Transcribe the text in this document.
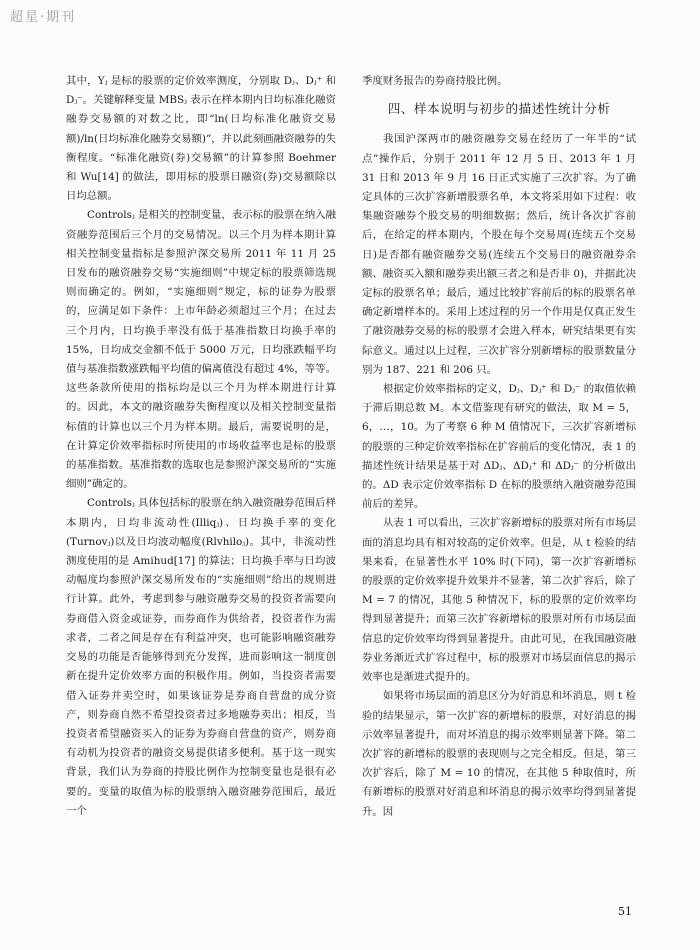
超星·期刊

其中，Yⱼ 是标的股票的定价效率测度，分别取 Dⱼ、Dⱼ⁺ 和 Dⱼ⁻。关键解释变量 MBSⱼ 表示在样本期内日均标准化融资融券交易额的对数之比，即“ln(日均标准化融资交易额)/ln(日均标准化融券交易额)”，并以此刻画融资融券的失衡程度。“标准化融资(券)交易额”的计算参照 Boehmer 和 Wu[14] 的做法，即用标的股票日融资(券)交易额除以日均总额。

Controlsⱼ 是相关的控制变量，表示标的股票在纳入融资融券范围后三个月的交易情况。以三个月为样本期计算相关控制变量指标是参照沪深交易所 2011 年 11 月 25 日发布的融资融券交易“实施细则”中规定标的股票筛选规则而确定的。例如，“实施细则”规定，标的证券为股票的，应满足如下条件：上市年龄必须超过三个月；在过去三个月内，日均换手率没有低于基准指数日均换手率的 15%，日均成交金额不低于 5000 万元，日均涨跌幅平均值与基准指数涨跌幅平均值的偏离值没有超过 4%，等等。这些条款所使用的指标均是以三个月为样本期进行计算的。因此，本文的融资融券失衡程度以及相关控制变量指标值的计算也以三个月为样本期。最后，需要说明的是，在计算定价效率指标时所使用的市场收益率也是标的股票的基准指数。基准指数的选取也是参照沪深交易所的“实施细则”确定的。

Controlsⱼ 具体包括标的股票在纳入融资融券范围后样本期内，日均非流动性(Illiqⱼ)、日均换手率的变化(Turnovⱼ)以及日均波动幅度(Rlvhiloⱼ)。其中，非流动性测度使用的是 Amihud[17] 的算法；日均换手率与日均波动幅度均参照沪深交易所发布的“实施细则”给出的规则进行计算。此外，考虑到参与融资融券交易的投资者需要向券商借入资金或证券，而券商作为供给者，投资者作为需求者，二者之间是存在有利益冲突，也可能影响融资融券交易的功能是否能够得到充分发挥，进而影响这一制度创新在提升定价效率方面的积极作用。例如，当投资者需要借入证券并卖空时，如果该证券是券商自营盘的成分资产，则券商自然不希望投资者过多地融券卖出；相反，当投资者希望融资买入的证券为券商自营盘的资产，则券商有动机为投资者的融资交易提供诸多便利。基于这一现实背景，我们认为券商的持股比例作为控制变量也是很有必要的。变量的取值为标的股票纳入融资融券范围后，最近一个

季度财务报告的券商持股比例。

四、样本说明与初步的描述性统计分析

我国沪深两市的融资融券交易在经历了一年半的“试点”操作后，分别于 2011 年 12 月 5 日、2013 年 1 月 31 日和 2013 年 9 月 16 日正式实施了三次扩容。为了确定具体的三次扩容新增股票名单，本文将采用如下过程：收集融资融券个股交易的明细数据；然后，统计各次扩容前后，在给定的样本期内，个股在每个交易周(连续五个交易日)是否都有融资融券交易(连续五个交易日的融资融券余额、融资买入额和融券卖出额三者之和是否非 0)，并据此决定标的股票名单；最后，通过比较扩容前后的标的股票名单确定新增样本的。采用上述过程的另一个作用是仅真正发生了融资融券交易的标的股票才会进入样本，研究结果更有实际意义。通过以上过程，三次扩容分别新增标的股票数量分别为 187、221 和 206 只。

根据定价效率指标的定义，Dⱼ、Dⱼ⁺ 和 Dⱼ⁻ 的取值依赖于滞后期总数 M。本文借鉴现有研究的做法，取 M = 5，6，…，10。为了考察 6 种 M 值情况下，三次扩容新增标的股票的三种定价效率指标在扩容前后的变化情况，表 1 的描述性统计结果是基于对 ΔDⱼ、ΔDⱼ⁺ 和 ΔDⱼ⁻ 的分析做出的。ΔD 表示定价效率指标 D 在标的股票纳入融资融券范围前后的差异。

从表 1 可以看出，三次扩容新增标的股票对所有市场层面的消息均具有相对较高的定价效率。但是，从 t 检验的结果来看，在显著性水平 10% 时(下同)，第一次扩容新增标的股票的定价效率提升效果并不显著，第二次扩容后，除了 M = 7 的情况，其他 5 种情况下，标的股票的定价效率均得到显著提升；而第三次扩容新增标的股票对所有市场层面信息的定价效率均得到显著提升。由此可见，在我国融资融券业务渐近式扩容过程中，标的股票对市场层面信息的揭示效率也是渐进式提升的。

如果将市场层面的消息区分为好消息和坏消息，则 t 检验的结果显示，第一次扩容的新增标的股票，对好消息的揭示效率显著提升，而对坏消息的揭示效率则显著下降。第二次扩容的新增标的股票的表现则与之完全相反。但是，第三次扩容后，除了 M = 10 的情况，在其他 5 种取值时，所有新增标的股票对好消息和坏消息的揭示效率均得到显著提升。因

51
